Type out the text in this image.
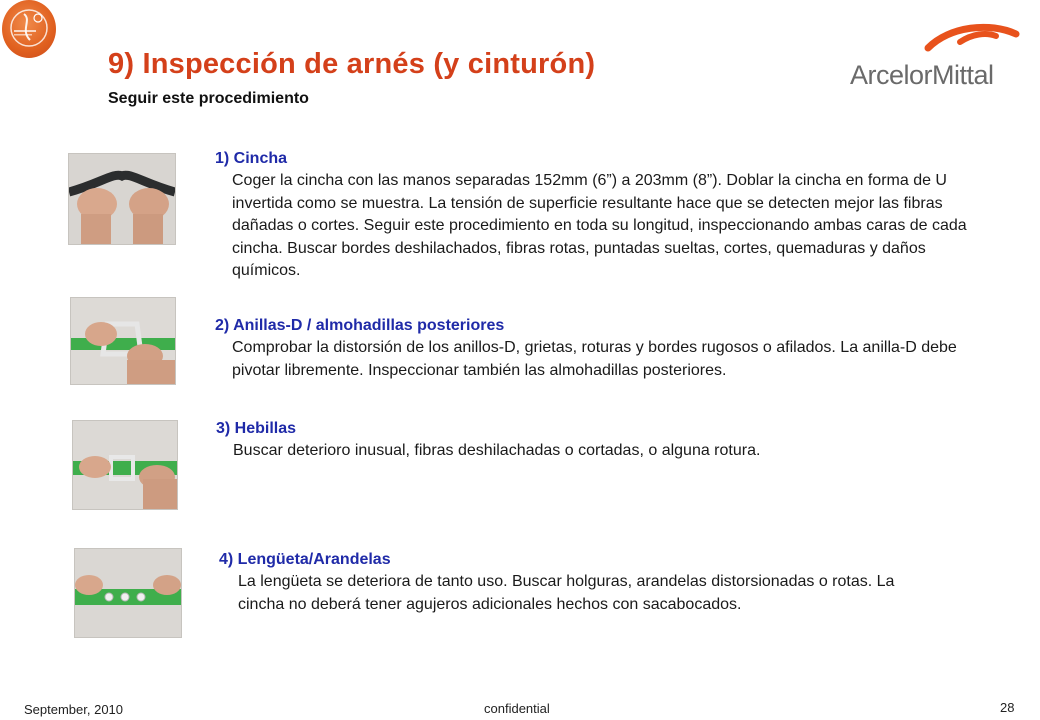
9) Inspección de arnés (y cinturón)
Seguir este procedimiento
ArcelorMittal
1) Cincha
Coger la cincha con las manos separadas 152mm (6”) a 203mm (8”). Doblar la cincha en forma de U invertida como se muestra. La tensión de superficie resultante hace que se detecten mejor las fibras dañadas o cortes. Seguir este procedimiento en toda su longitud, inspeccionando ambas caras de cada cincha. Buscar bordes deshilachados, fibras rotas, puntadas sueltas, cortes, quemaduras y daños químicos.
2) Anillas-D / almohadillas posteriores
Comprobar la distorsión de los anillos-D, grietas, roturas y bordes rugosos o afilados. La anilla-D debe pivotar libremente. Inspeccionar también las almohadillas posteriores.
3) Hebillas
Buscar deterioro inusual, fibras deshilachadas o cortadas, o alguna rotura.
4) Lengüeta/Arandelas
La lengüeta se deteriora de tanto uso. Buscar holguras, arandelas distorsionadas o rotas. La cincha no deberá tener agujeros adicionales hechos con sacabocados.
September, 2010	confidential	28
